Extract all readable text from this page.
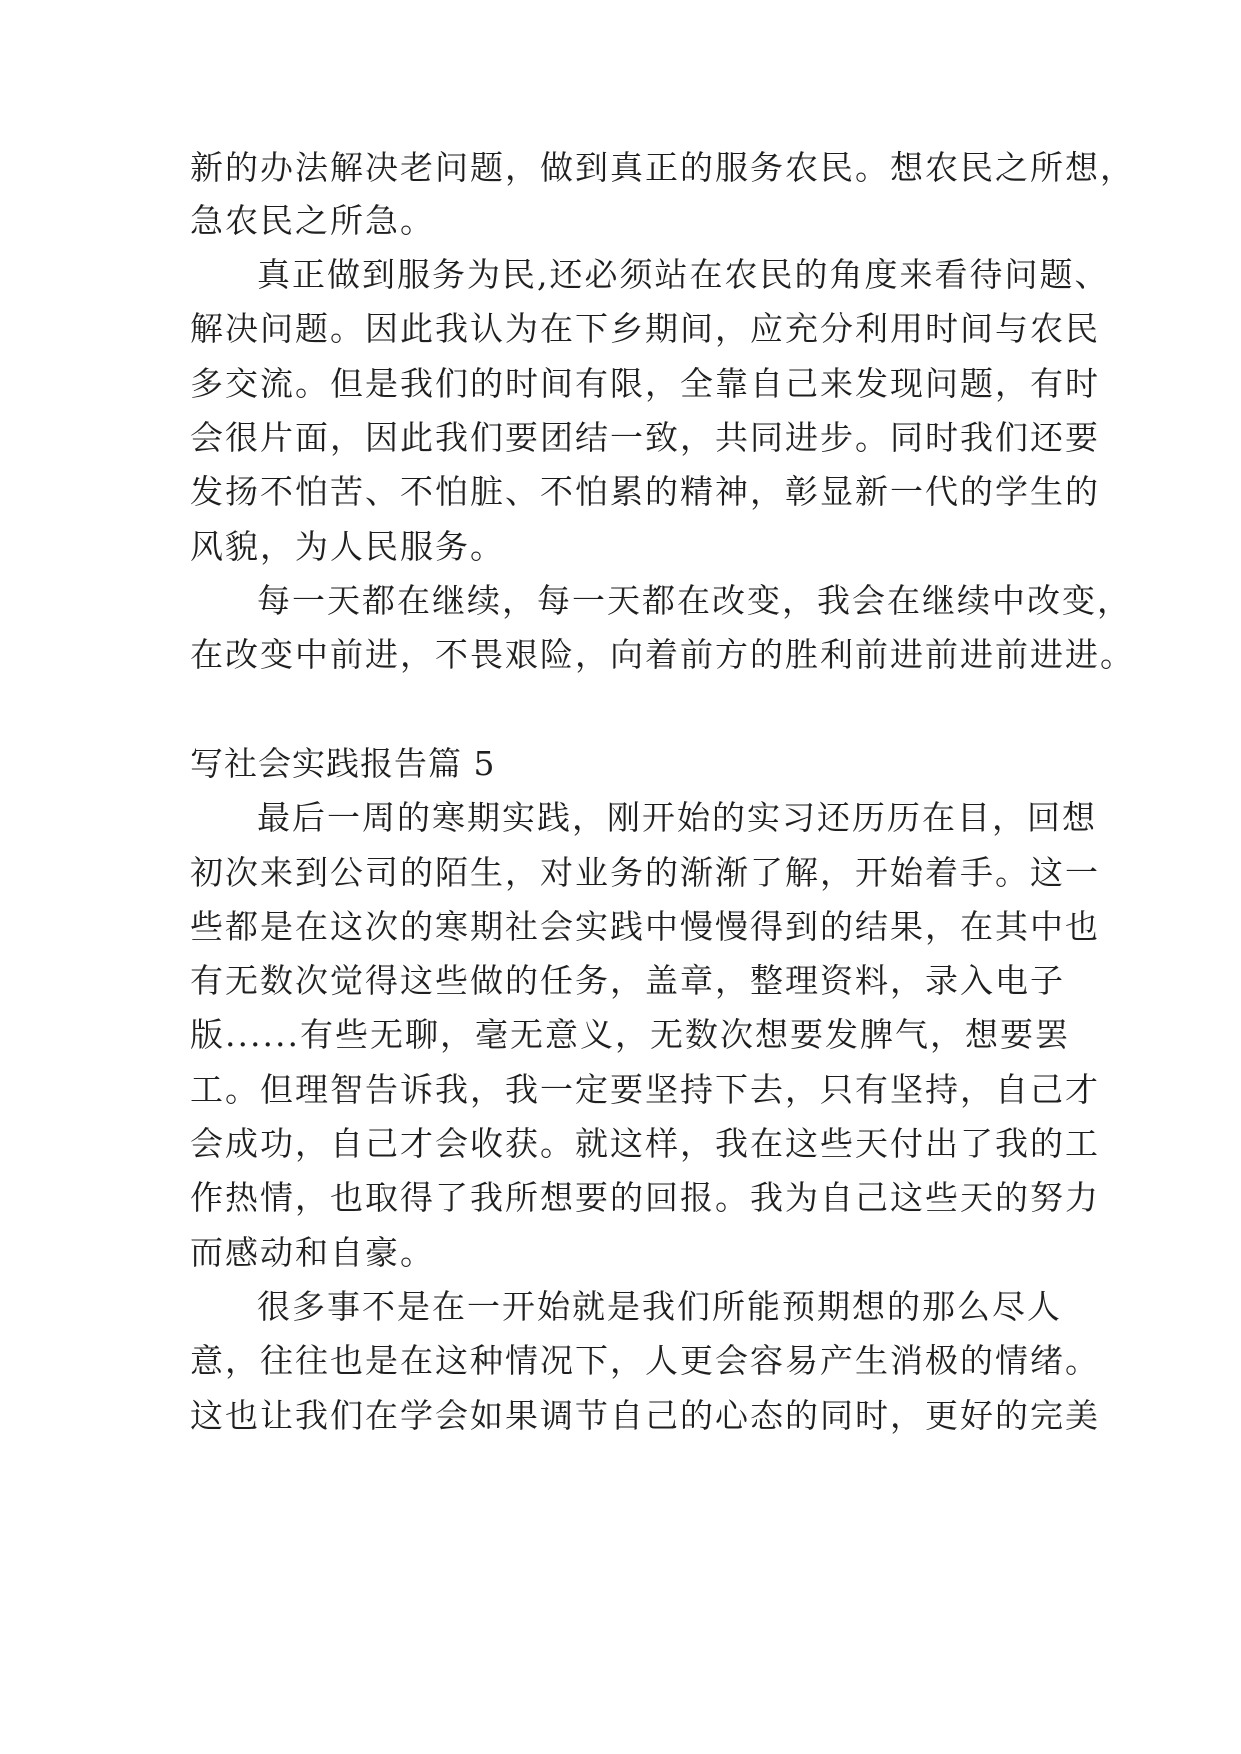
新的办法解决老问题，做到真正的服务农民。想农民之所想，
急农民之所急。
真正做到服务为民,还必须站在农民的角度来看待问题、
解决问题。因此我认为在下乡期间，应充分利用时间与农民
多交流。但是我们的时间有限，全靠自己来发现问题，有时
会很片面，因此我们要团结一致，共同进步。同时我们还要
发扬不怕苦、不怕脏、不怕累的精神，彰显新一代的学生的
风貌，为人民服务。
每一天都在继续，每一天都在改变，我会在继续中改变，
在改变中前进，不畏艰险，向着前方的胜利前进前进前进进。
写社会实践报告篇 5
最后一周的寒期实践，刚开始的实习还历历在目，回想
初次来到公司的陌生，对业务的渐渐了解，开始着手。这一
些都是在这次的寒期社会实践中慢慢得到的结果，在其中也
有无数次觉得这些做的任务，盖章，整理资料，录入电子
版......有些无聊，毫无意义，无数次想要发脾气，想要罢
工。但理智告诉我，我一定要坚持下去，只有坚持，自己才
会成功，自己才会收获。就这样，我在这些天付出了我的工
作热情，也取得了我所想要的回报。我为自己这些天的努力
而感动和自豪。
很多事不是在一开始就是我们所能预期想的那么尽人
意，往往也是在这种情况下，人更会容易产生消极的情绪。
这也让我们在学会如果调节自己的心态的同时，更好的完美
